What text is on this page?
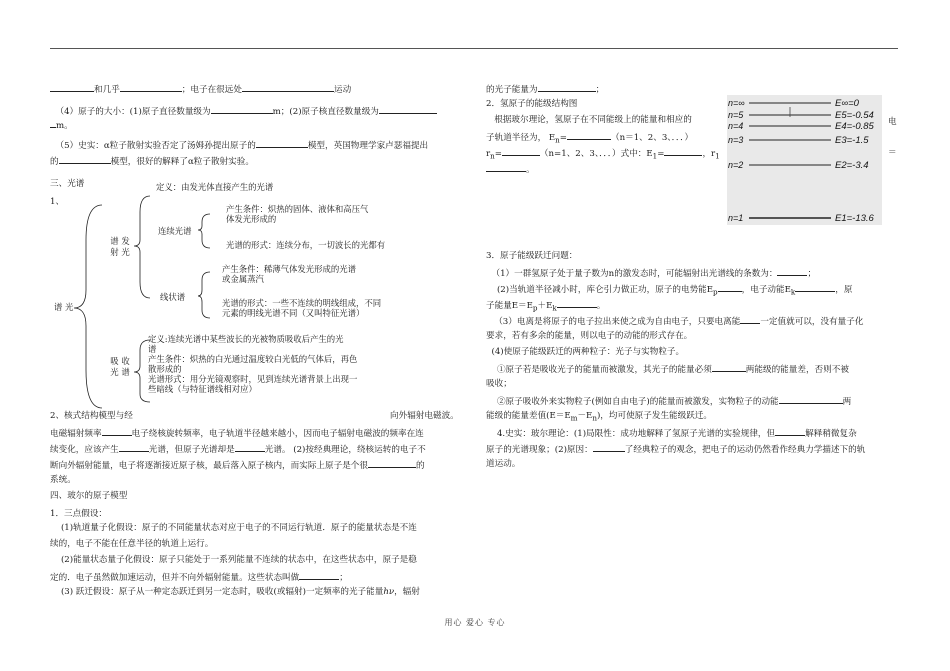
和几乎	；电子在很远处	运动
（4）原子的大小：(1)原子直径数量级为	m；(2)原子核直径数量级为
m。
（5）史实：α粒子散射实验否定了汤姆孙提出原子的	模型，英国物理学家卢瑟福提出
的	模型，很好的解释了α粒子散射实验。
三、光谱
1、
谱 光
定义：由发光体直接产生的光谱
谱 发 射 光
连续光谱
产生条件：炽热的固体、液体和高压气
体发光形成的
光谱的形式：连续分布，一切波长的光都有
线状谱
产生条件：稀薄气体发光形成的光谱
或金属蒸汽
光谱的形式：一些不连续的明线组成，不同
元素的明线光谱不同（又叫特征光谱）
吸 收 光 谱
定义:连续光谱中某些波长的光被物质吸收后产生的光
谱
产生条件：炽热的白光通过温度较白光低的气体后，再色
散形成的
光谱形式：用分光镜观察时，见到连续光谱背景上出现一
些暗线（与特征谱线相对应）
2、核式结构模型与经	向外辐射电磁波。
电磁辐射频率	电子绕核旋转频率，电子轨道半径越来越小，因而电子辐射电磁波的频率在连
续变化，应该产生	光谱，但原子光谱却是	光谱。 (2)按经典理论，绕核运转的电子不
断向外辐射能量，电子将逐渐接近原子核，最后落入原子核内，而实际上原子是个很	的
系统。
四、玻尔的原子模型
1．三点假设：
(1)轨道量子化假设：原子的不同能量状态对应于电子的不同运行轨道．原子的能量状态是不连
续的，电子不能在任意半径的轨道上运行。
(2)能量状态量子化假设：原子只能处于一系列能量不连续的状态中，在这些状态中，原子是稳
定的．电子虽然做加速运动，但并不向外辐射能量。这些状态叫做	；
(3) 跃迁假设：原子从一种定态跃迁到另一定态时，吸收(或辐射)一定频率的光子能量hν，辐射
的光子能量为	；
2．氢原子的能级结构图
根据玻尔理论，氢原子在不同能级上的能量和相应的
子轨道半径为， $E_n=$	（n＝1、2、3、．．．）
$r_n=$	（n=1、2、3、．．．）式中：$E_1=$	，$r_1$
。
3．原子能级跃迁问题：
（1）一群氢原子处于量子数为n的激发态时，可能辐射出光谱线的条数为：	；
(2)当轨道半径减小时，库仑引力做正功，原子的电势能$E_p$	，电子动能$E_k$	，原
子能量$E=E_p+E_k$	。
（3）电离是将原子的电子拉出来使之成为自由电子，只要电离能 一定值就可以，没有量子化
要求，若有多余的能量，则以电子的动能的形式存在。
(4)使原子能级跃迁的两种粒子：光子与实物粒子。
①原子若是吸收光子的能量而被激发，其光子的能量必须	两能级的能量差，否则不被
吸收；
②原子吸收外来实物粒子(例如自由电子)的能量而被激发，实物粒子的动能	两
能级的能量差值$(E=E_m-E_n)$，均可使原子发生能级跃迁。
4.史实：玻尔理论：(1)局限性：成功地解释了氢原子光谱的实验规律，但	解释稍微复杂
原子的光谱现象；(2)原因：	了经典粒子的观念，把电子的运动仍然看作经典力学描述下的轨
道运动。
电
＝
n=∞	E∞=0
n=5	E5=-0.54
n=4	E4=-0.85
n=3	E3=-1.5
n=2	E2=-3.4
n=1	E1=-13.6
用心 爱心 专心
